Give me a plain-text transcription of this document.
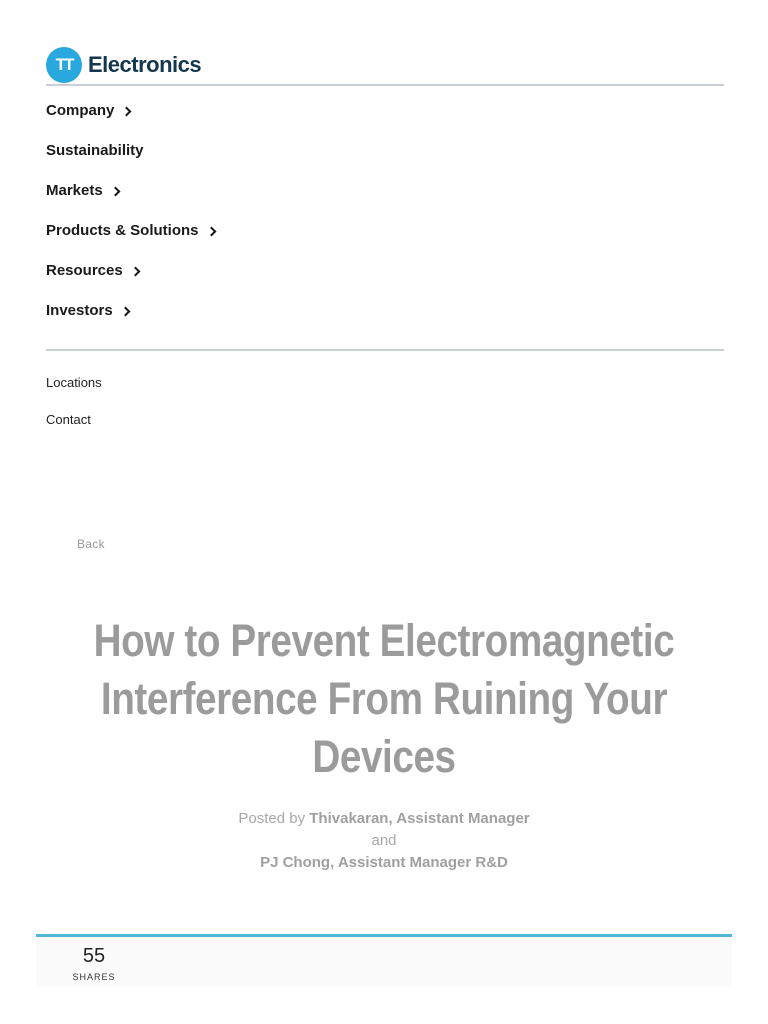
TT Electronics
Company
Sustainability
Markets
Products & Solutions
Resources
Investors
Locations
Contact
Back
How to Prevent Electromagnetic Interference From Ruining Your Devices
Posted by Thivakaran, Assistant Manager
and
PJ Chong, Assistant Manager R&D
55
SHARES
